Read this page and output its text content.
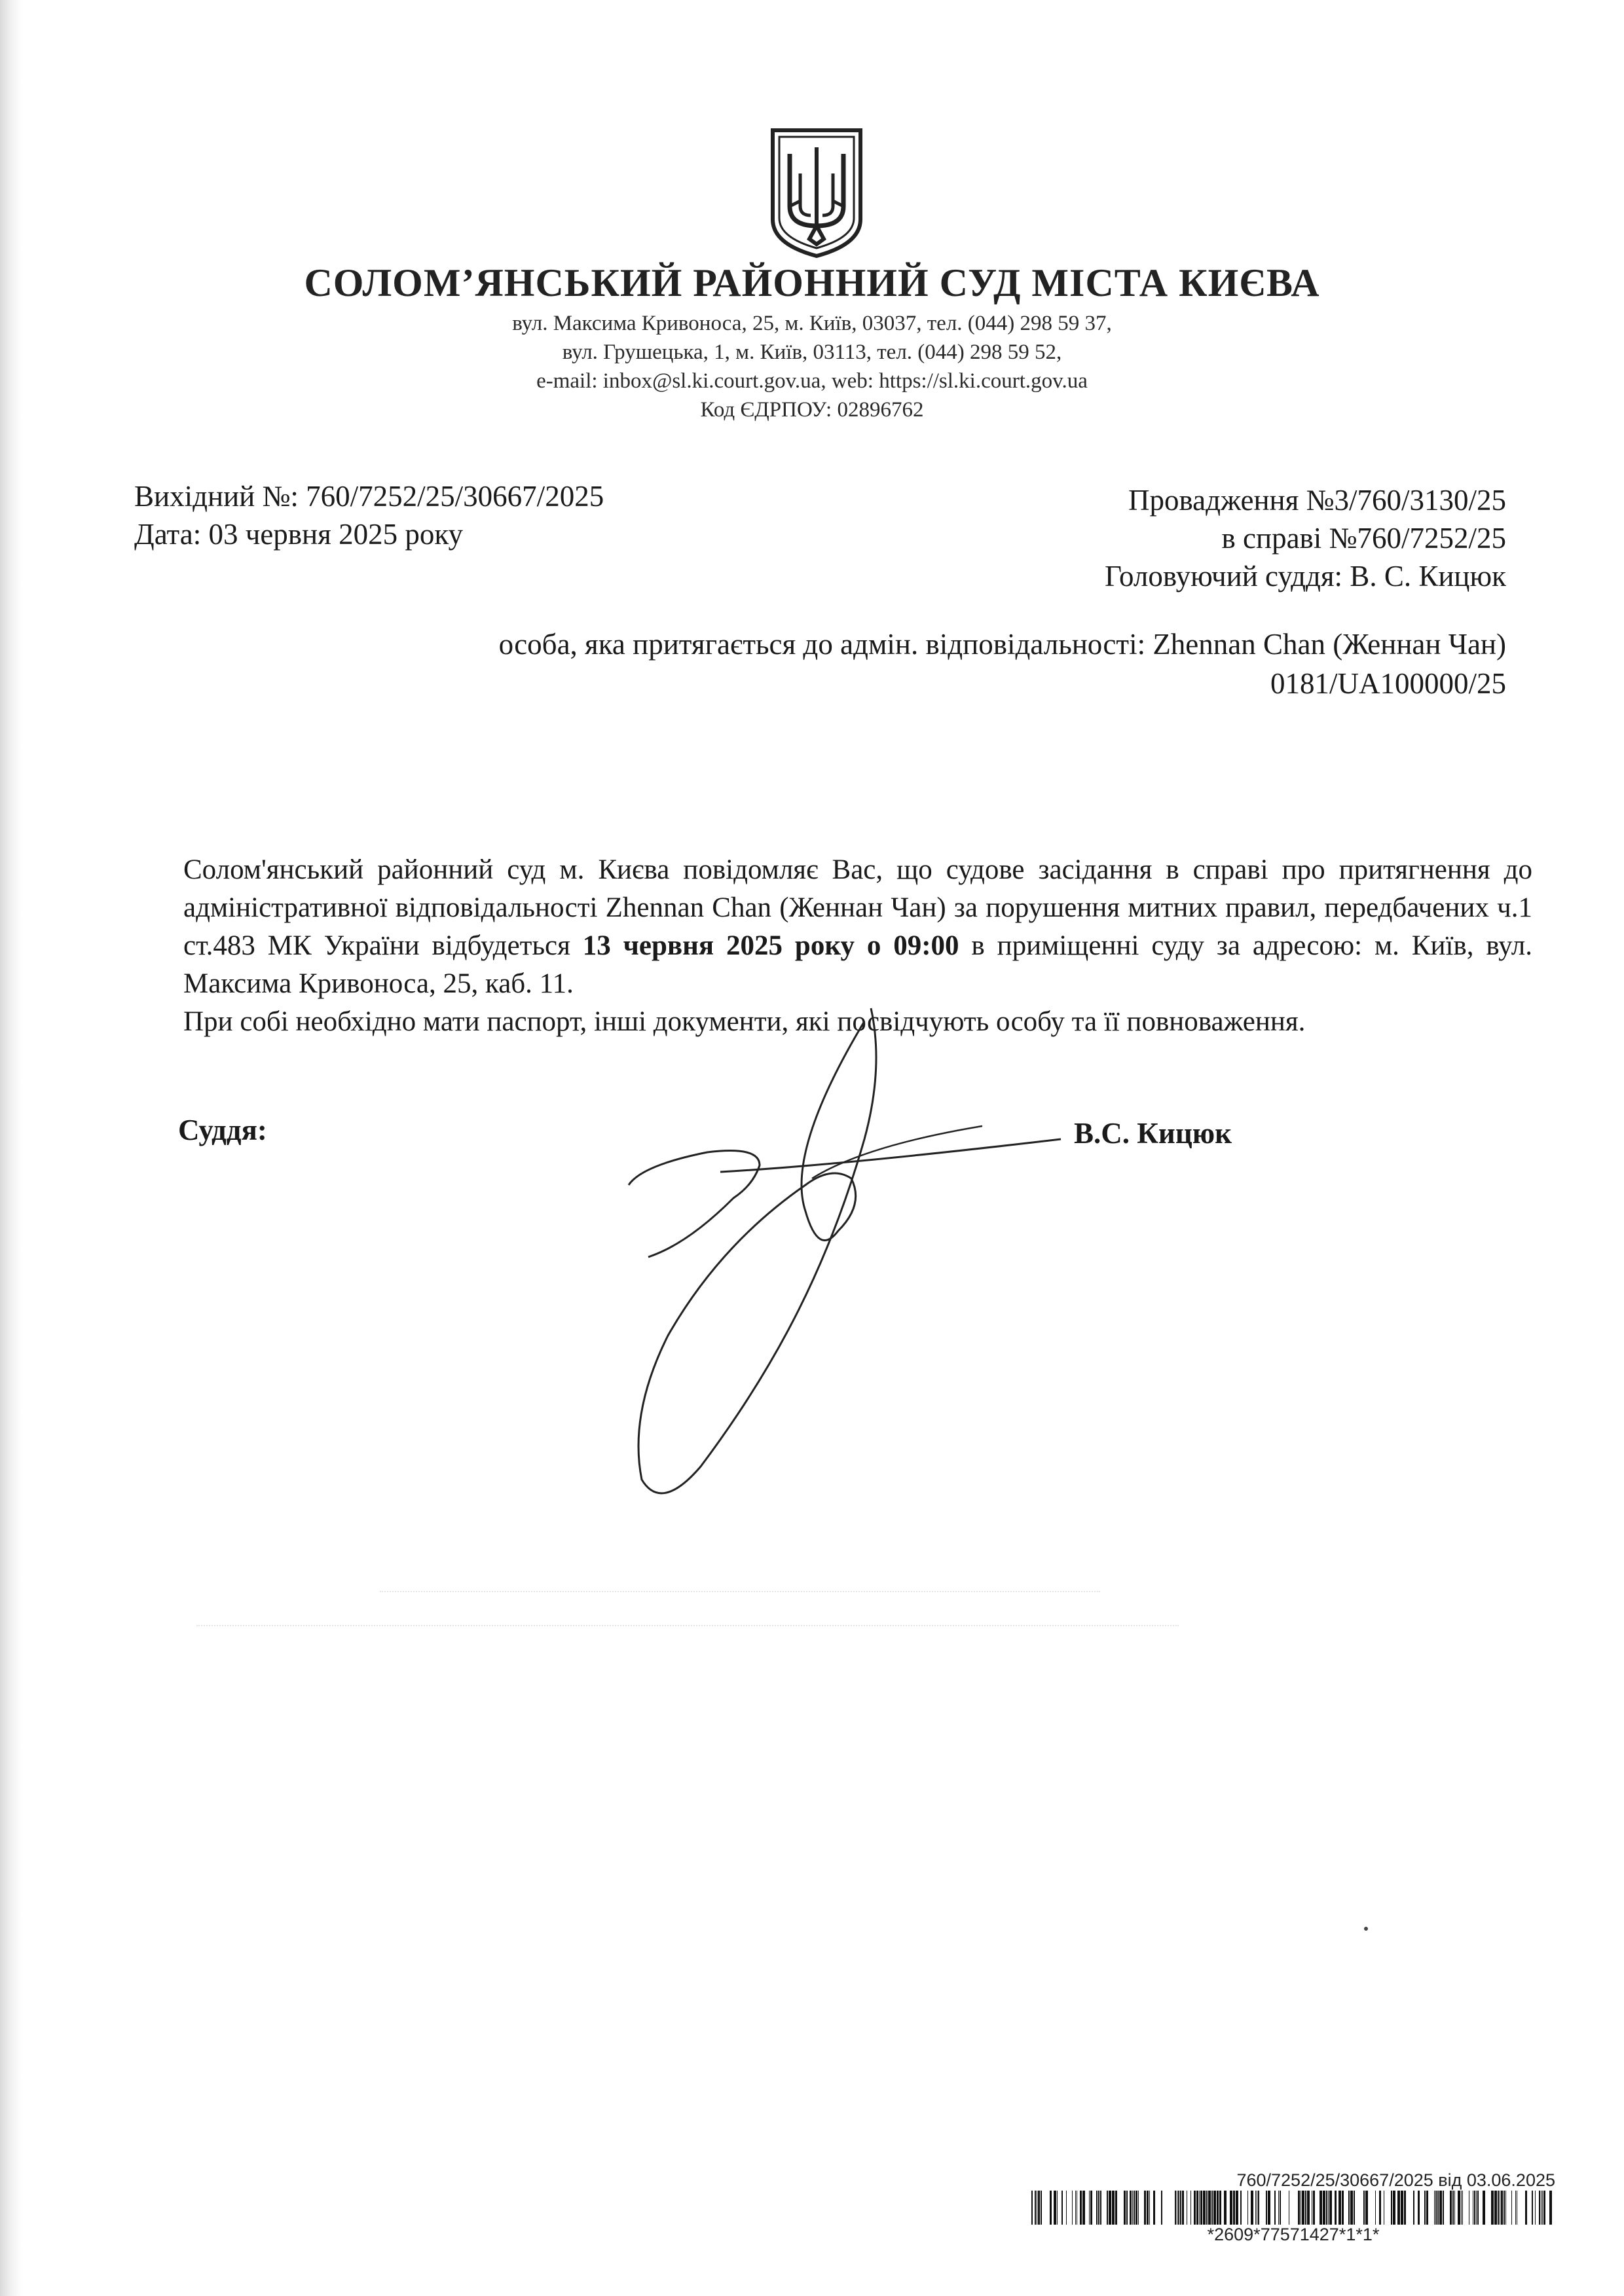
СОЛОМ’ЯНСЬКИЙ РАЙОННИЙ СУД МІСТА КИЄВА
вул. Максима Кривоноса, 25, м. Київ, 03037, тел. (044) 298 59 37,
вул. Грушецька, 1, м. Київ, 03113, тел. (044) 298 59 52,
e-mail: inbox@sl.ki.court.gov.ua, web: https://sl.ki.court.gov.ua
Код ЄДРПОУ: 02896762
Вихідний №: 760/7252/25/30667/2025
Дата: 03 червня 2025 року
Провадження №3/760/3130/25
в справі №760/7252/25
Головуючий суддя: В. С. Кицюк
особа, яка притягається до адмін. відповідальності: Zhennan Chan (Женнан Чан)
0181/UA100000/25

Солом'янський районний суд м. Києва повідомляє Вас, що судове засідання в справі про притягнення до адміністративної відповідальності Zhennan Chan (Женнан Чан) за порушення митних правил, передбачених ч.1 ст.483 МК України відбудеться 13 червня 2025 року о 09:00 в приміщенні суду за адресою: м. Київ, вул. Максима Кривоноса, 25, каб. 11.

При собі необхідно мати паспорт, інші документи, які посвідчують особу та її повноваження.

Суддя:	В.С. Кицюк
760/7252/25/30667/2025 від 03.06.2025
*2609*77571427*1*1*
